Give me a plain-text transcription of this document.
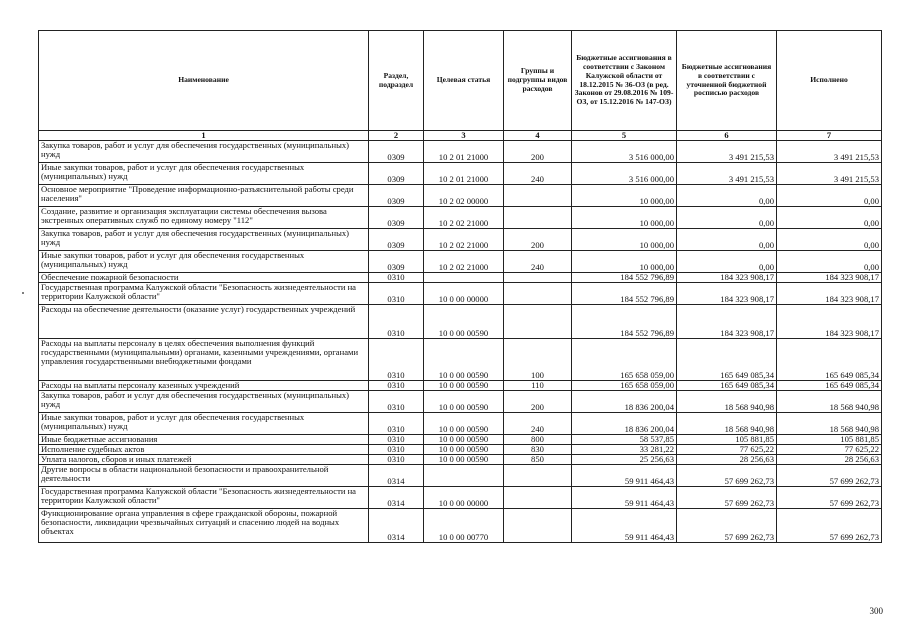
Наименование	Раздел, подраздел	Целевая статья	Группы и подгруппы видов расходов	Бюджетные ассигнования в соответствии с Законом Калужской области от 18.12.2015 № 36-ОЗ (в ред. Законов от 29.08.2016 № 109-ОЗ, от 15.12.2016 № 147-ОЗ)	Бюджетные ассигнования в соответствии с уточненной бюджетной росписью расходов	Исполнено
1	2	3	4	5	6	7
Закупка товаров, работ и услуг для обеспечения государственных (муниципальных) нужд	0309	10 2 01 21000	200	3 516 000,00	3 491 215,53	3 491 215,53
Иные закупки товаров, работ и услуг для обеспечения государственных (муниципальных) нужд	0309	10 2 01 21000	240	3 516 000,00	3 491 215,53	3 491 215,53
Основное мероприятие "Проведение информационно-разъяснительной работы среди населения"	0309	10 2 02 00000		10 000,00	0,00	0,00
Создание, развитие и организация эксплуатации системы обеспечения вызова экстренных оперативных служб по единому номеру "112"	0309	10 2 02 21000		10 000,00	0,00	0,00
Закупка товаров, работ и услуг для обеспечения государственных (муниципальных) нужд	0309	10 2 02 21000	200	10 000,00	0,00	0,00
Иные закупки товаров, работ и услуг для обеспечения государственных (муниципальных) нужд	0309	10 2 02 21000	240	10 000,00	0,00	0,00
Обеспечение пожарной безопасности	0310			184 552 796,89	184 323 908,17	184 323 908,17
Государственная программа Калужской области "Безопасность жизнедеятельности на территории Калужской области"	0310	10 0 00 00000		184 552 796,89	184 323 908,17	184 323 908,17
Расходы на обеспечение деятельности (оказание услуг) государственных учреждений	0310	10 0 00 00590		184 552 796,89	184 323 908,17	184 323 908,17
Расходы на выплаты персоналу в целях обеспечения выполнения функций государственными (муниципальными) органами, казенными учреждениями, органами управления государственными внебюджетными фондами	0310	10 0 00 00590	100	165 658 059,00	165 649 085,34	165 649 085,34
Расходы на выплаты персоналу казенных учреждений	0310	10 0 00 00590	110	165 658 059,00	165 649 085,34	165 649 085,34
Закупка товаров, работ и услуг для обеспечения государственных (муниципальных) нужд	0310	10 0 00 00590	200	18 836 200,04	18 568 940,98	18 568 940,98
Иные закупки товаров, работ и услуг для обеспечения государственных (муниципальных) нужд	0310	10 0 00 00590	240	18 836 200,04	18 568 940,98	18 568 940,98
Иные бюджетные ассигнования	0310	10 0 00 00590	800	58 537,85	105 881,85	105 881,85
Исполнение судебных актов	0310	10 0 00 00590	830	33 281,22	77 625,22	77 625,22
Уплата налогов, сборов и иных платежей	0310	10 0 00 00590	850	25 256,63	28 256,63	28 256,63
Другие вопросы в области национальной безопасности и правоохранительной деятельности	0314			59 911 464,43	57 699 262,73	57 699 262,73
Государственная программа Калужской области "Безопасность жизнедеятельности на территории Калужской области"	0314	10 0 00 00000		59 911 464,43	57 699 262,73	57 699 262,73
Функционирование органа управления в сфере гражданской обороны, пожарной безопасности, ликвидации чрезвычайных ситуаций и спасению людей на водных объектах	0314	10 0 00 00770		59 911 464,43	57 699 262,73	57 699 262,73
300
